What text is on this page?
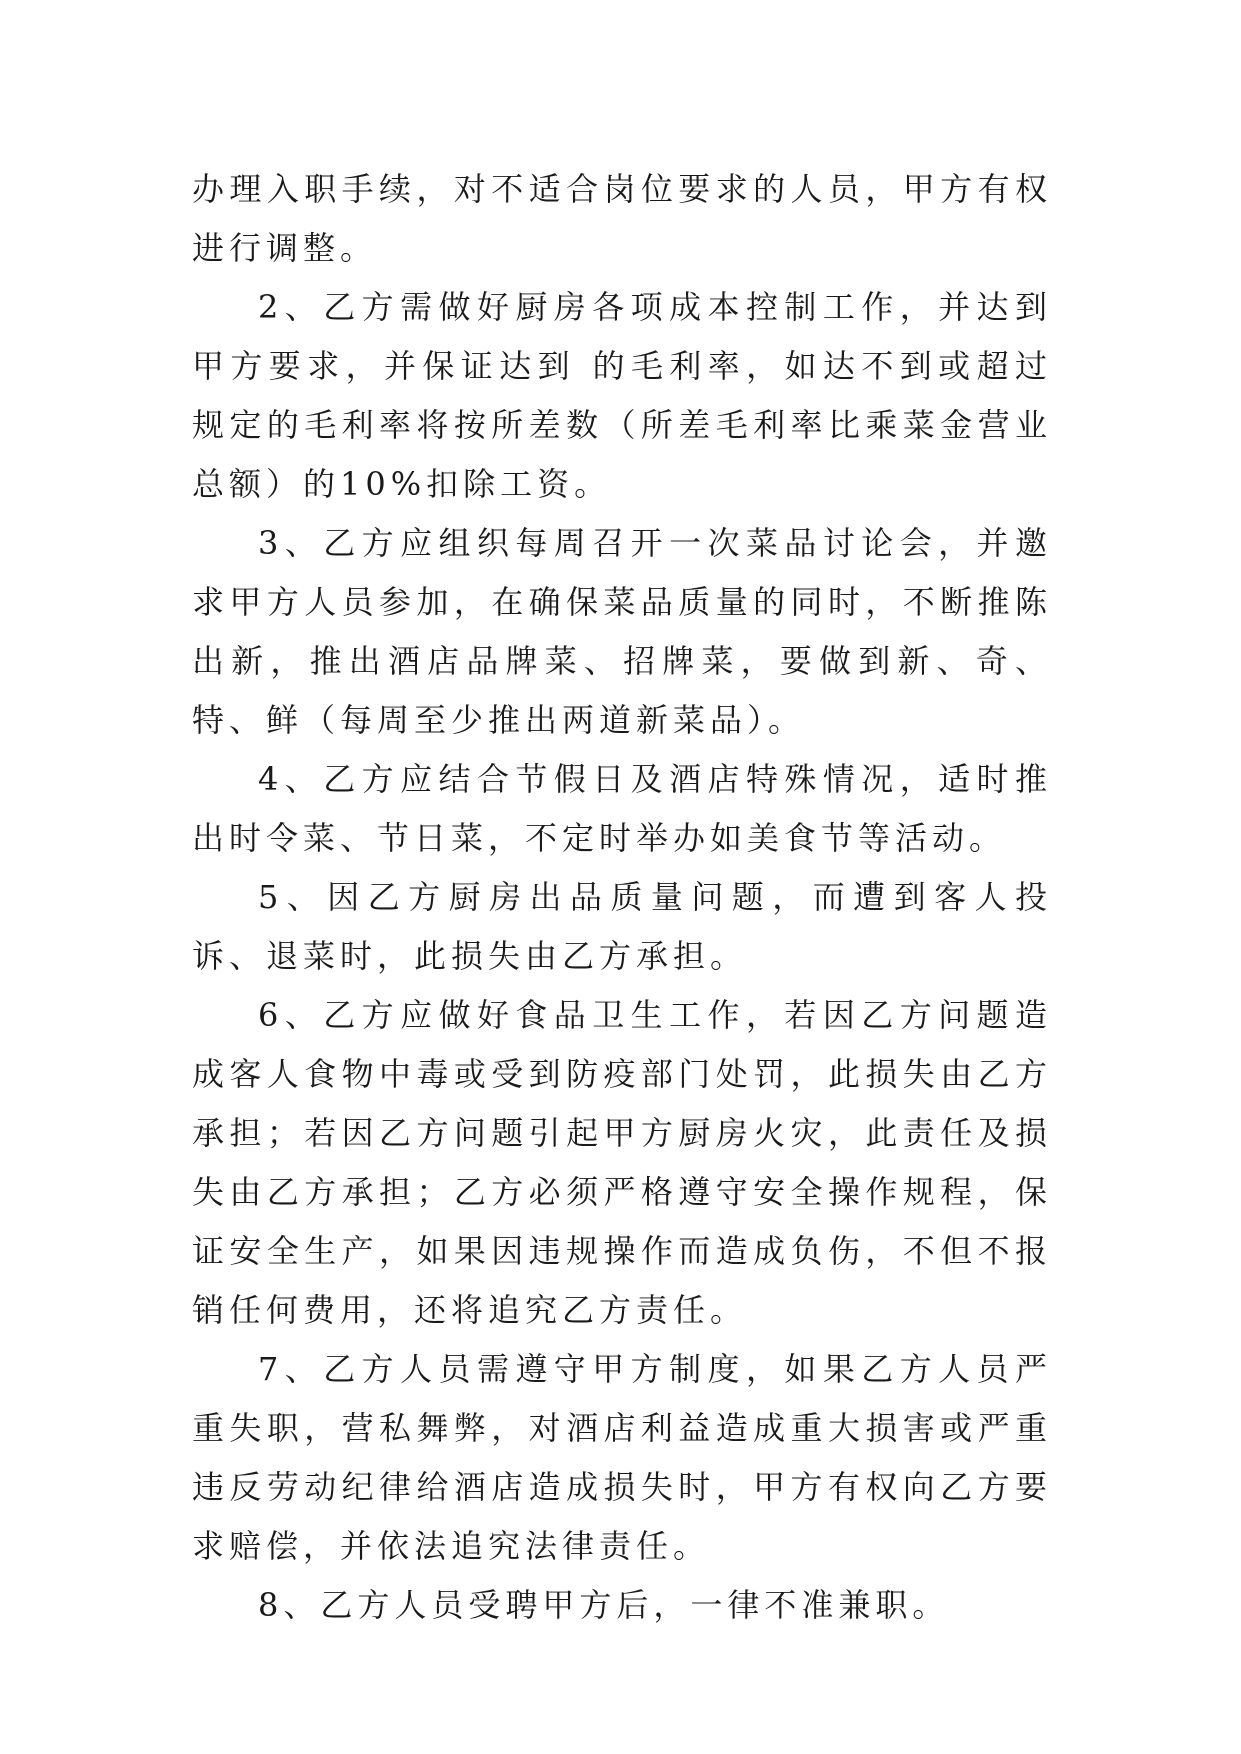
办理入职手续，对不适合岗位要求的人员，甲方有权进行调整。

2、乙方需做好厨房各项成本控制工作，并达到甲方要求，并保证达到 的毛利率，如达不到或超过规定的毛利率将按所差数（所差毛利率比乘菜金营业总额）的10%扣除工资。

3、乙方应组织每周召开一次菜品讨论会，并邀求甲方人员参加，在确保菜品质量的同时，不断推陈出新，推出酒店品牌菜、招牌菜，要做到新、奇、特、鲜（每周至少推出两道新菜品）。

4、乙方应结合节假日及酒店特殊情况，适时推出时令菜、节日菜，不定时举办如美食节等活动。

5、因乙方厨房出品质量问题，而遭到客人投诉、退菜时，此损失由乙方承担。

6、乙方应做好食品卫生工作，若因乙方问题造成客人食物中毒或受到防疫部门处罚，此损失由乙方承担；若因乙方问题引起甲方厨房火灾，此责任及损失由乙方承担；乙方必须严格遵守安全操作规程，保证安全生产，如果因违规操作而造成负伤，不但不报销任何费用，还将追究乙方责任。

7、乙方人员需遵守甲方制度，如果乙方人员严重失职，营私舞弊，对酒店利益造成重大损害或严重违反劳动纪律给酒店造成损失时，甲方有权向乙方要求赔偿，并依法追究法律责任。

8、乙方人员受聘甲方后，一律不准兼职。
